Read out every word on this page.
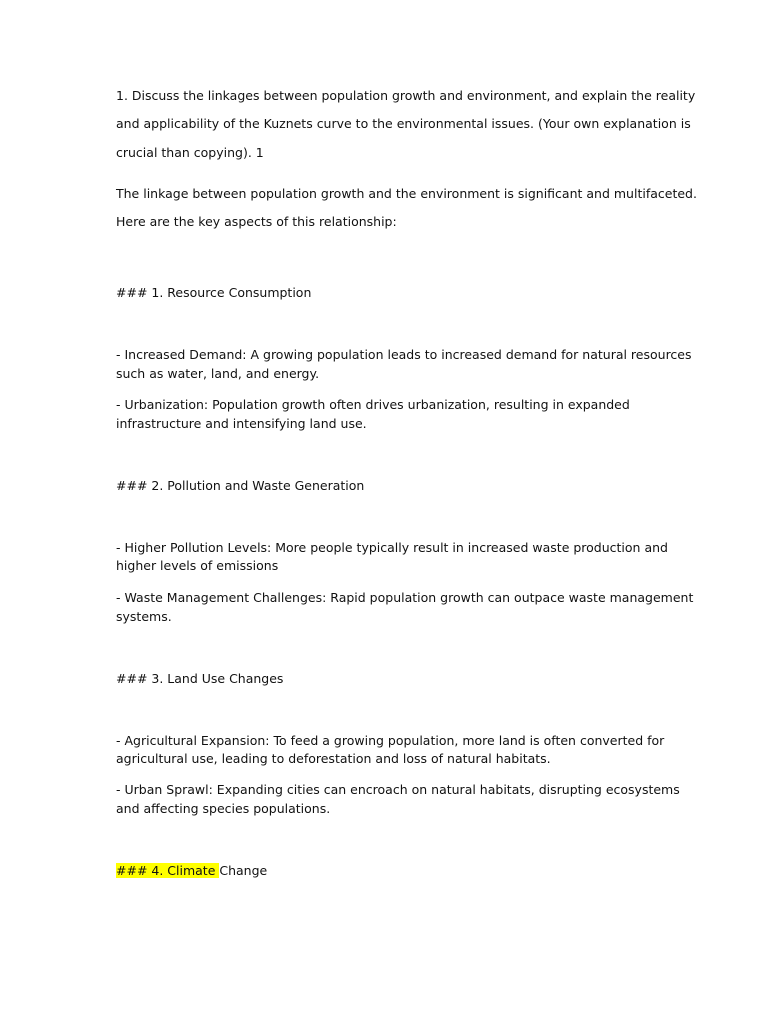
1. Discuss the linkages between population growth and environment, and explain the reality
and applicability of the Kuznets curve to the environmental issues. (Your own explanation is
crucial than copying). 1
The linkage between population growth and the environment is significant and multifaceted.
Here are the key aspects of this relationship:
### 1. Resource Consumption
- Increased Demand: A growing population leads to increased demand for natural resources
such as water, land, and energy.
- Urbanization: Population growth often drives urbanization, resulting in expanded
infrastructure and intensifying land use.
### 2. Pollution and Waste Generation
- Higher Pollution Levels: More people typically result in increased waste production and
higher levels of emissions
- Waste Management Challenges: Rapid population growth can outpace waste management
systems.
### 3. Land Use Changes
- Agricultural Expansion: To feed a growing population, more land is often converted for
agricultural use, leading to deforestation and loss of natural habitats.
- Urban Sprawl: Expanding cities can encroach on natural habitats, disrupting ecosystems
and affecting species populations.
### 4. Climate Change
